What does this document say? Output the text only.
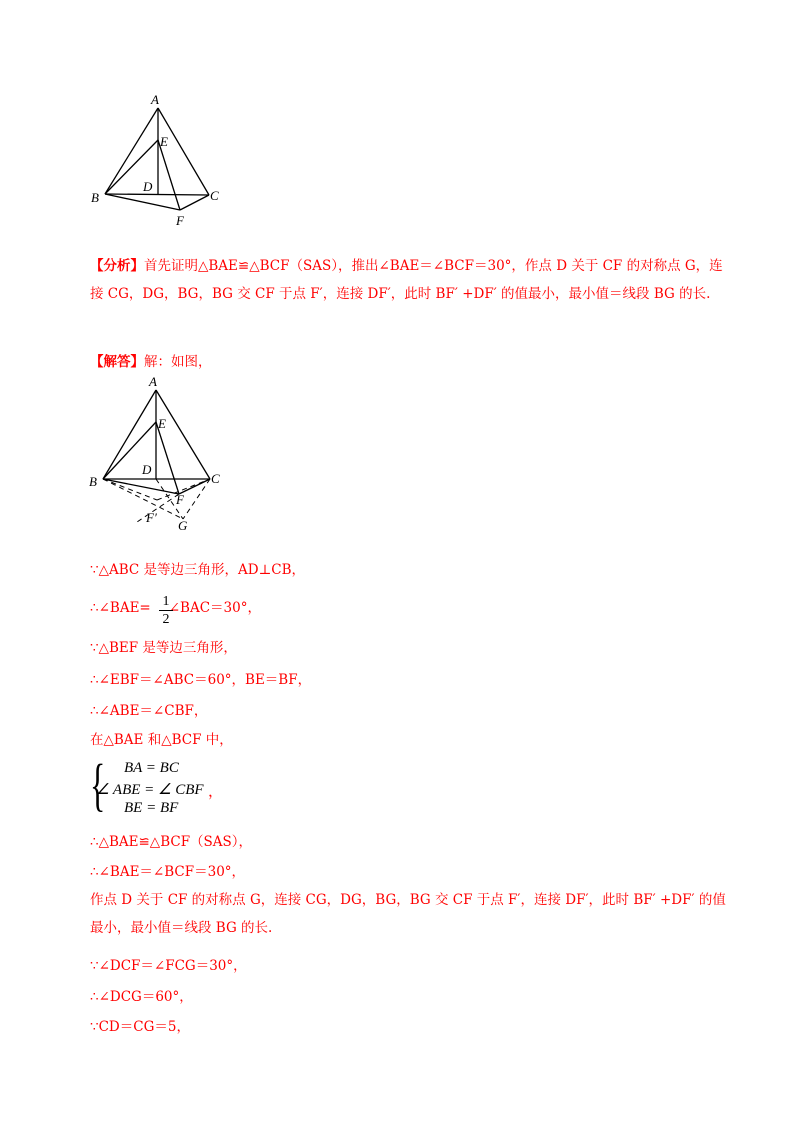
A
E
B
D
C
F
【分析】首先证明△BAE≌△BCF（SAS），推出∠BAE＝∠BCF＝30°，作点 D 关于 CF 的对称点 G，连接 CG，DG，BG，BG 交 CF 于点 F′，连接 DF′，此时 BF′ +DF′ 的值最小，最小值＝线段 BG 的长.
【解答】解：如图，
A
E
B
D
C
F
F′
G
∵△ABC 是等边三角形，AD⊥CB，
∴∠BAE= ∠BAC＝30°，
1
2
∵△BEF 是等边三角形，
∴∠EBF＝∠ABC＝60°，BE＝BF，
∴∠ABE＝∠CBF，
在△BAE 和△BCF 中，
{ BA = BC
∠ ABE = ∠ CBF ，
BE = BF
∴△BAE≌△BCF（SAS），
∴∠BAE＝∠BCF＝30°，
作点 D 关于 CF 的对称点 G，连接 CG，DG，BG，BG 交 CF 于点 F′，连接 DF′，此时 BF′ +DF′ 的值最小，最小值＝线段 BG 的长.
∵∠DCF＝∠FCG＝30°，
∴∠DCG＝60°，
∵CD＝CG＝5，
